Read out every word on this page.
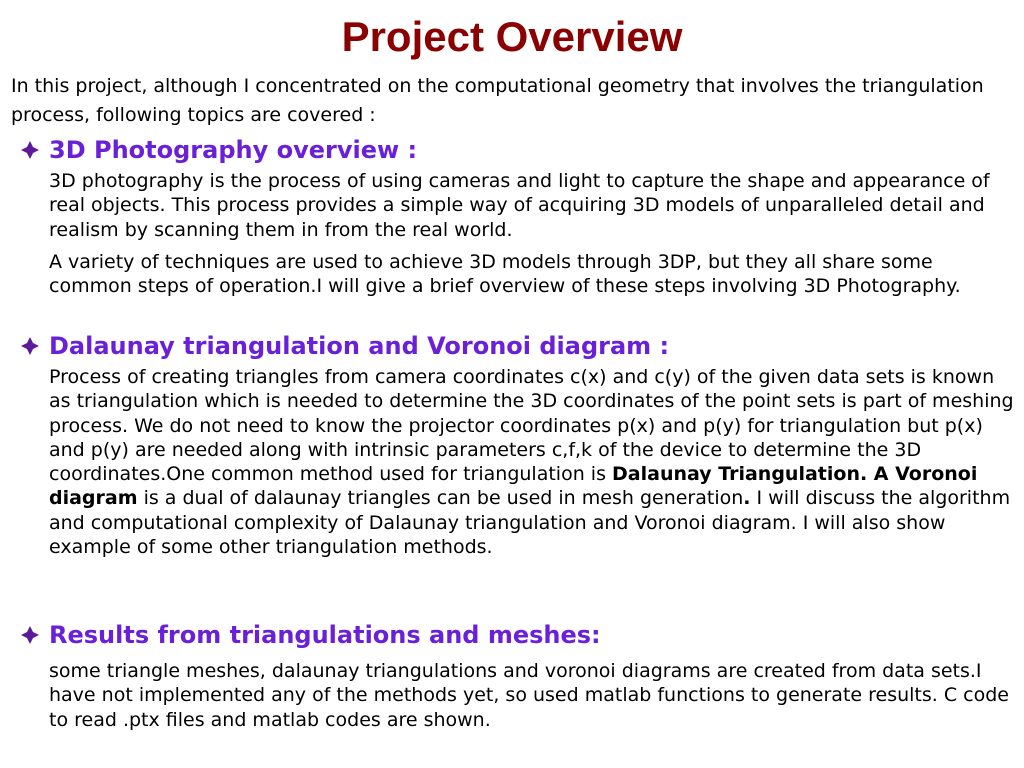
Project Overview
In this project, although I concentrated on the computational geometry that involves the triangulation process, following topics are covered :
3D Photography overview :
3D photography is the process of using cameras and light to capture the shape and appearance of real objects. This process provides a simple way of acquiring 3D models of unparalleled detail and realism by scanning them in from the real world.
A variety of techniques are used to achieve 3D models through 3DP, but they all share some common steps of operation.I will give a brief overview of these steps involving 3D Photography.
Dalaunay triangulation and Voronoi diagram :
Process of creating triangles from camera coordinates c(x) and c(y) of the given data sets is known as triangulation which is needed to determine the 3D coordinates of the point sets is part of meshing process. We do not need to know the projector coordinates p(x) and p(y) for triangulation but p(x) and p(y) are needed along with intrinsic parameters c,f,k of the device to determine the 3D coordinates.One common method used for triangulation is Dalaunay Triangulation. A Voronoi diagram is a dual of dalaunay triangles can be used in mesh generation. I will discuss the algorithm and computational complexity of Dalaunay triangulation and Voronoi diagram. I will also show example of some other triangulation methods.
Results from triangulations and meshes:
some triangle meshes, dalaunay triangulations and voronoi diagrams are created from data sets.I have not implemented any of the methods yet, so used matlab functions to generate results. C code to read .ptx files and matlab codes are shown.
